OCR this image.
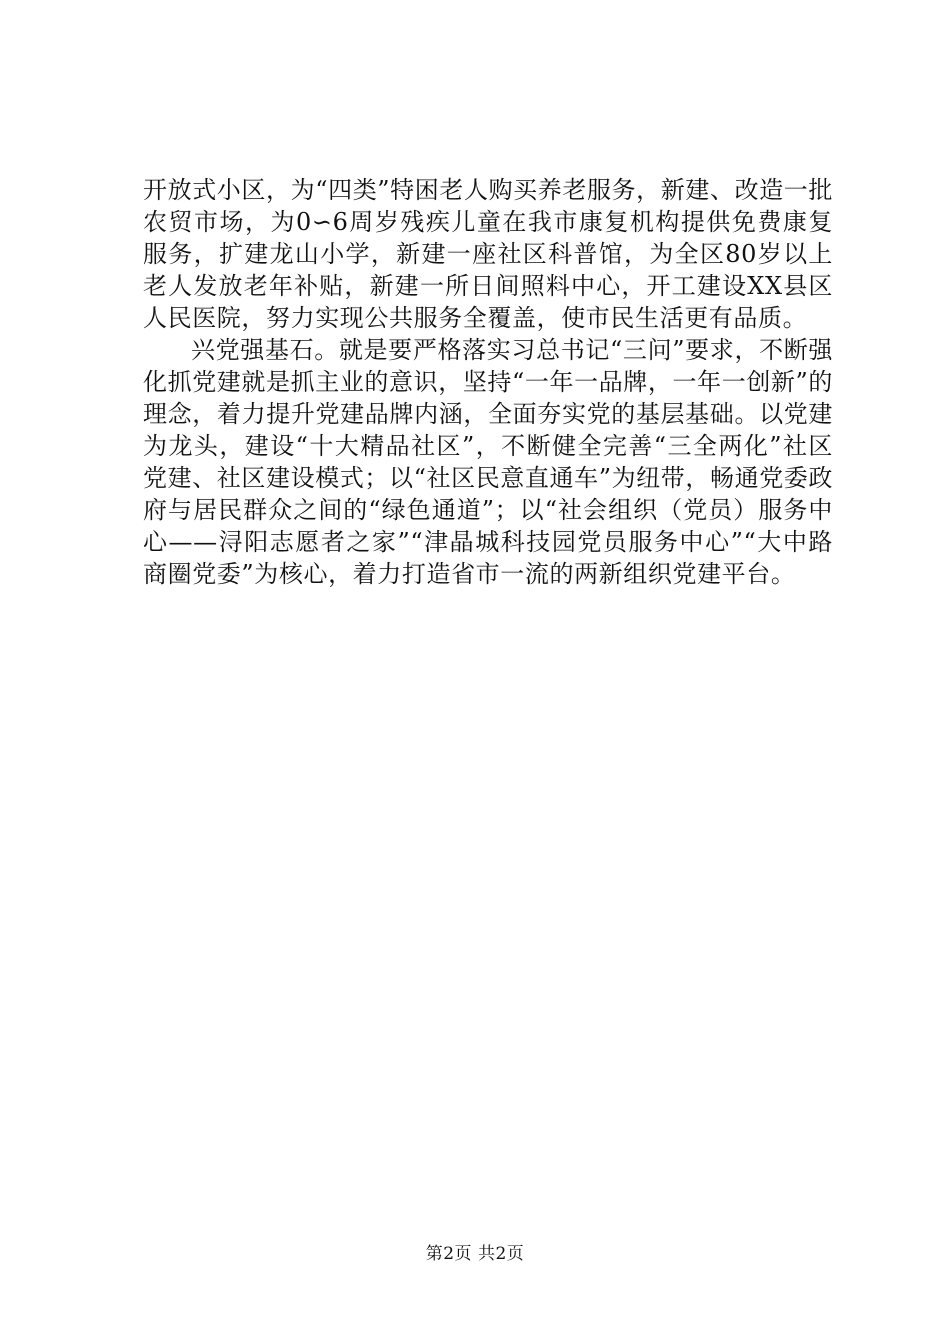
开放式小区，为“四类”特困老人购买养老服务，新建、改造一批农贸市场，为0∽6周岁残疾儿童在我市康复机构提供免费康复服务，扩建龙山小学，新建一座社区科普馆，为全区80岁以上老人发放老年补贴，新建一所日间照料中心，开工建设XX县区人民医院，努力实现公共服务全覆盖，使市民生活更有品质。

兴党强基石。就是要严格落实习总书记“三问”要求，不断强化抓党建就是抓主业的意识，坚持“一年一品牌，一年一创新”的理念，着力提升党建品牌内涵，全面夯实党的基层基础。以党建为龙头，建设“十大精品社区”，不断健全完善“三全两化”社区党建、社区建设模式；以“社区民意直通车”为纽带，畅通党委政府与居民群众之间的“绿色通道”；以“社会组织（党员）服务中心——浔阳志愿者之家”“津晶城科技园党员服务中心”“大中路商圈党委”为核心，着力打造省市一流的两新组织党建平台。

第2页 共2页
